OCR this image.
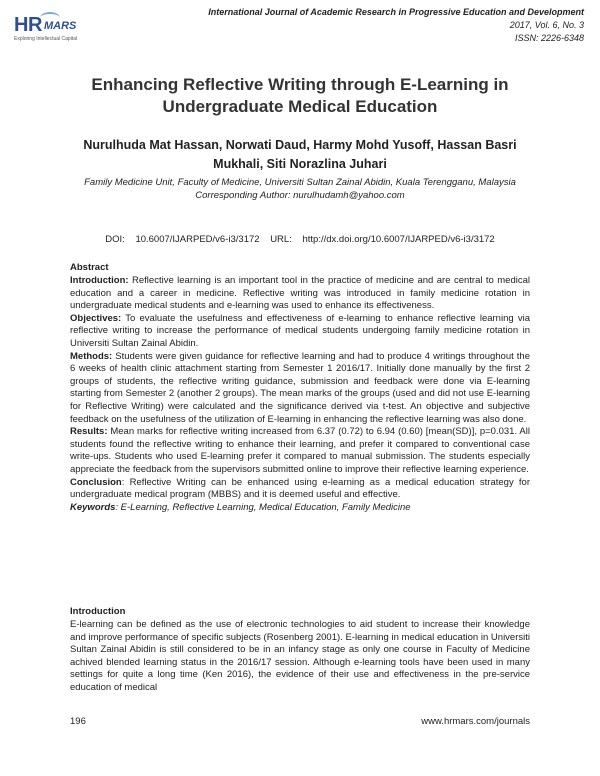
HR MARS
Exploring Intellectual Capital
International Journal of Academic Research in Progressive Education and Development
2017, Vol. 6, No. 3
ISSN: 2226-6348
Enhancing Reflective Writing through E-Learning in Undergraduate Medical Education
Nurulhuda Mat Hassan, Norwati Daud, Harmy Mohd Yusoff, Hassan Basri Mukhali, Siti Norazlina Juhari
Family Medicine Unit, Faculty of Medicine, Universiti Sultan Zainal Abidin, Kuala Terengganu, Malaysia
Corresponding Author: nurulhudamh@yahoo.com
DOI: 10.6007/IJARPED/v6-i3/3172 URL: http://dx.doi.org/10.6007/IJARPED/v6-i3/3172
Abstract

Introduction: Reflective learning is an important tool in the practice of medicine and are central to medical education and a career in medicine. Reflective writing was introduced in family medicine rotation in undergraduate medical students and e-learning was used to enhance its effectiveness.

Objectives: To evaluate the usefulness and effectiveness of e-learning to enhance reflective learning via reflective writing to increase the performance of medical students undergoing family medicine rotation in Universiti Sultan Zainal Abidin.

Methods: Students were given guidance for reflective learning and had to produce 4 writings throughout the 6 weeks of health clinic attachment starting from Semester 1 2016/17. Initially done manually by the first 2 groups of students, the reflective writing guidance, submission and feedback were done via E-learning starting from Semester 2 (another 2 groups). The mean marks of the groups (used and did not use E-learning for Reflective Writing) were calculated and the significance derived via t-test. An objective and subjective feedback on the usefulness of the utilization of E-learning in enhancing the reflective learning was also done.

Results: Mean marks for reflective writing increased from 6.37 (0.72) to 6.94 (0.60) [mean(SD)], p=0.031. All students found the reflective writing to enhance their learning, and prefer it compared to conventional case write-ups. Students who used E-learning prefer it compared to manual submission. The students especially appreciate the feedback from the supervisors submitted online to improve their reflective learning experience.

Conclusion: Reflective Writing can be enhanced using e-learning as a medical education strategy for undergraduate medical program (MBBS) and it is deemed useful and effective.

Keywords: E-Learning, Reflective Learning, Medical Education, Family Medicine

Introduction
E-learning can be defined as the use of electronic technologies to aid student to increase their knowledge and improve performance of specific subjects (Rosenberg 2001). E-learning in medical education in Universiti Sultan Zainal Abidin is still considered to be in an infancy stage as only one course in Faculty of Medicine achived blended learning status in the 2016/17 session. Although e-learning tools have been used in many settings for quite a long time (Ken 2016), the evidence of their use and effectiveness in the pre-service education of medical
196	www.hrmars.com/journals
